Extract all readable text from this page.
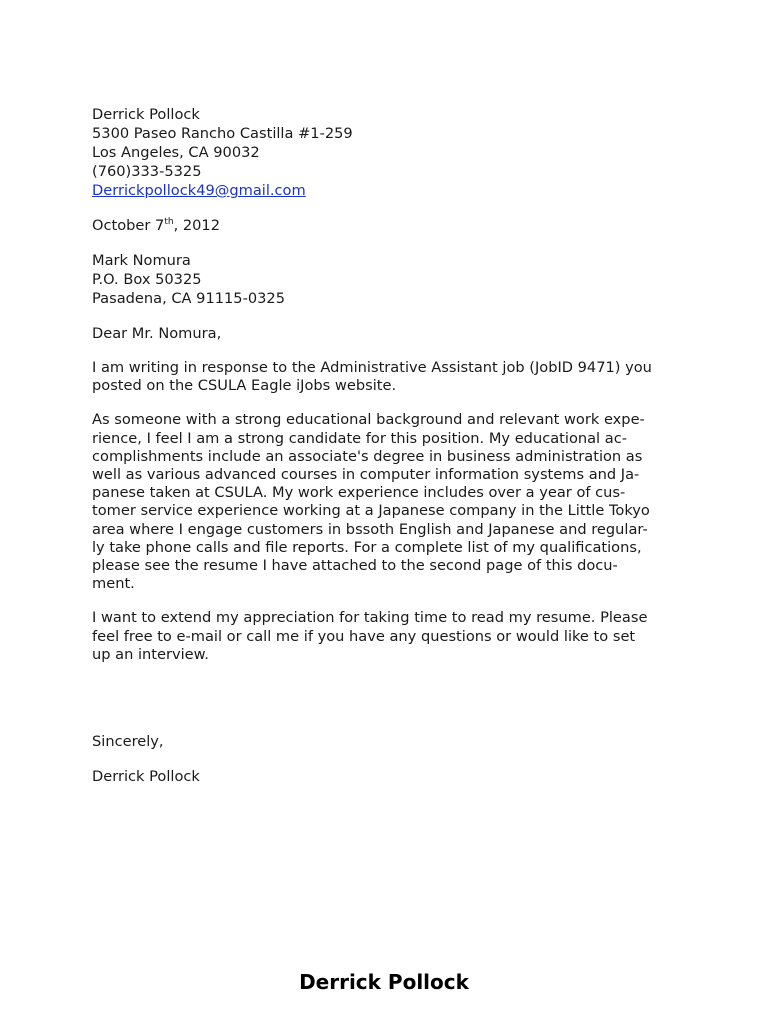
Derrick Pollock
5300 Paseo Rancho Castilla #1-259
Los Angeles, CA 90032
(760)333-5325
Derrickpollock49@gmail.com
October 7th, 2012
Mark Nomura
P.O. Box 50325
Pasadena, CA 91115-0325
Dear Mr. Nomura,
I am writing in response to the Administrative Assistant job (JobID 9471) you
posted on the CSULA Eagle iJobs website.
As someone with a strong educational background and relevant work expe-
rience, I feel I am a strong candidate for this position. My educational ac-
complishments include an associate's degree in business administration as
well as various advanced courses in computer information systems and Ja-
panese taken at CSULA. My work experience includes over a year of cus-
tomer service experience working at a Japanese company in the Little Tokyo
area where I engage customers in bssoth English and Japanese and regular-
ly take phone calls and file reports. For a complete list of my qualifications,
please see the resume I have attached to the second page of this docu-
ment.
I want to extend my appreciation for taking time to read my resume. Please
feel free to e-mail or call me if you have any questions or would like to set
up an interview.
Sincerely,
Derrick Pollock
Derrick Pollock
